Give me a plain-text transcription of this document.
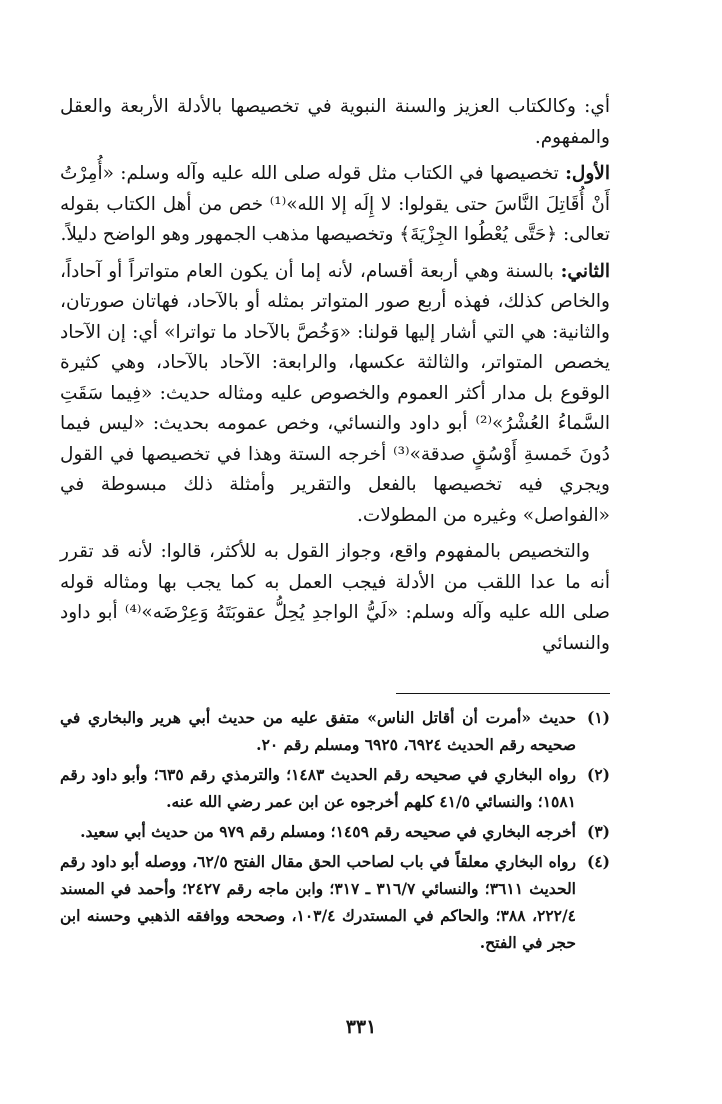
أي: وكالكتاب العزيز والسنة النبوية في تخصيصها بالأدلة الأربعة والعقل والمفهوم.

الأول: تخصيصها في الكتاب مثل قوله صلى الله عليه وآله وسلم: «أُمِرْتُ أَنْ أُقَاتِلَ النَّاسَ حتى يقولوا: لا إِلَه إلا الله»⁽¹⁾ خص من أهل الكتاب بقوله تعالى: ﴿حَتَّى يُعْطُوا الجِزْيَةَ﴾ وتخصيصها مذهب الجمهور وهو الواضح دليلاً.

الثاني: بالسنة وهي أربعة أقسام، لأنه إما أن يكون العام متواتراً أو آحاداً، والخاص كذلك، فهذه أربع صور المتواتر بمثله أو بالآحاد، فهاتان صورتان، والثانية: هي التي أشار إليها قولنا: «وَخُصَّ بالآحاد ما تواترا» أي: إن الآحاد يخصص المتواتر، والثالثة عكسها، والرابعة: الآحاد بالآحاد، وهي كثيرة الوقوع بل مدار أكثر العموم والخصوص عليه ومثاله حديث: «فِيما سَقَتِ السَّماءُ العُشْرُ»⁽²⁾ أبو داود والنسائي، وخص عمومه بحديث: «ليس فيما دُونَ خَمسةِ أَوْسُقٍ صدقة»⁽³⁾ أخرجه الستة وهذا في تخصيصها في القول ويجري فيه تخصيصها بالفعل والتقرير وأمثلة ذلك مبسوطة في «الفواصل» وغيره من المطولات.

والتخصيص بالمفهوم واقع، وجواز القول به للأكثر، قالوا: لأنه قد تقرر أنه ما عدا اللقب من الأدلة فيجب العمل به كما يجب بها ومثاله قوله صلى الله عليه وآله وسلم: «لَيُّ الواجدِ يُحِلُّ عقوبَتَهُ وَعِرْضَه»⁽⁴⁾ أبو داود والنسائي

(١)
حديث «أمرت أن أقاتل الناس» متفق عليه من حديث أبي هرير والبخاري في صحيحه رقم الحديث ٦٩٢٤، ٦٩٢٥ ومسلم رقم ٢٠.
(٢)
رواه البخاري في صحيحه رقم الحديث ١٤٨٣؛ والترمذي رقم ٦٣٥؛ وأبو داود رقم ١٥٨١؛ والنسائي ٤١/٥ كلهم أخرجوه عن ابن عمر رضي الله عنه.
(٣)
أخرجه البخاري في صحيحه رقم ١٤٥٩؛ ومسلم رقم ٩٧٩ من حديث أبي سعيد.
(٤)
رواه البخاري معلقاً في باب لصاحب الحق مقال الفتح ٦٢/٥، ووصله أبو داود رقم الحديث ٣٦١١؛ والنسائي ٣١٦/٧ ـ ٣١٧؛ وابن ماجه رقم ٢٤٢٧؛ وأحمد في المسند ٢٢٢/٤، ٣٨٨؛ والحاكم في المستدرك ١٠٣/٤، وصححه ووافقه الذهبي وحسنه ابن حجر في الفتح.
٣٣١
